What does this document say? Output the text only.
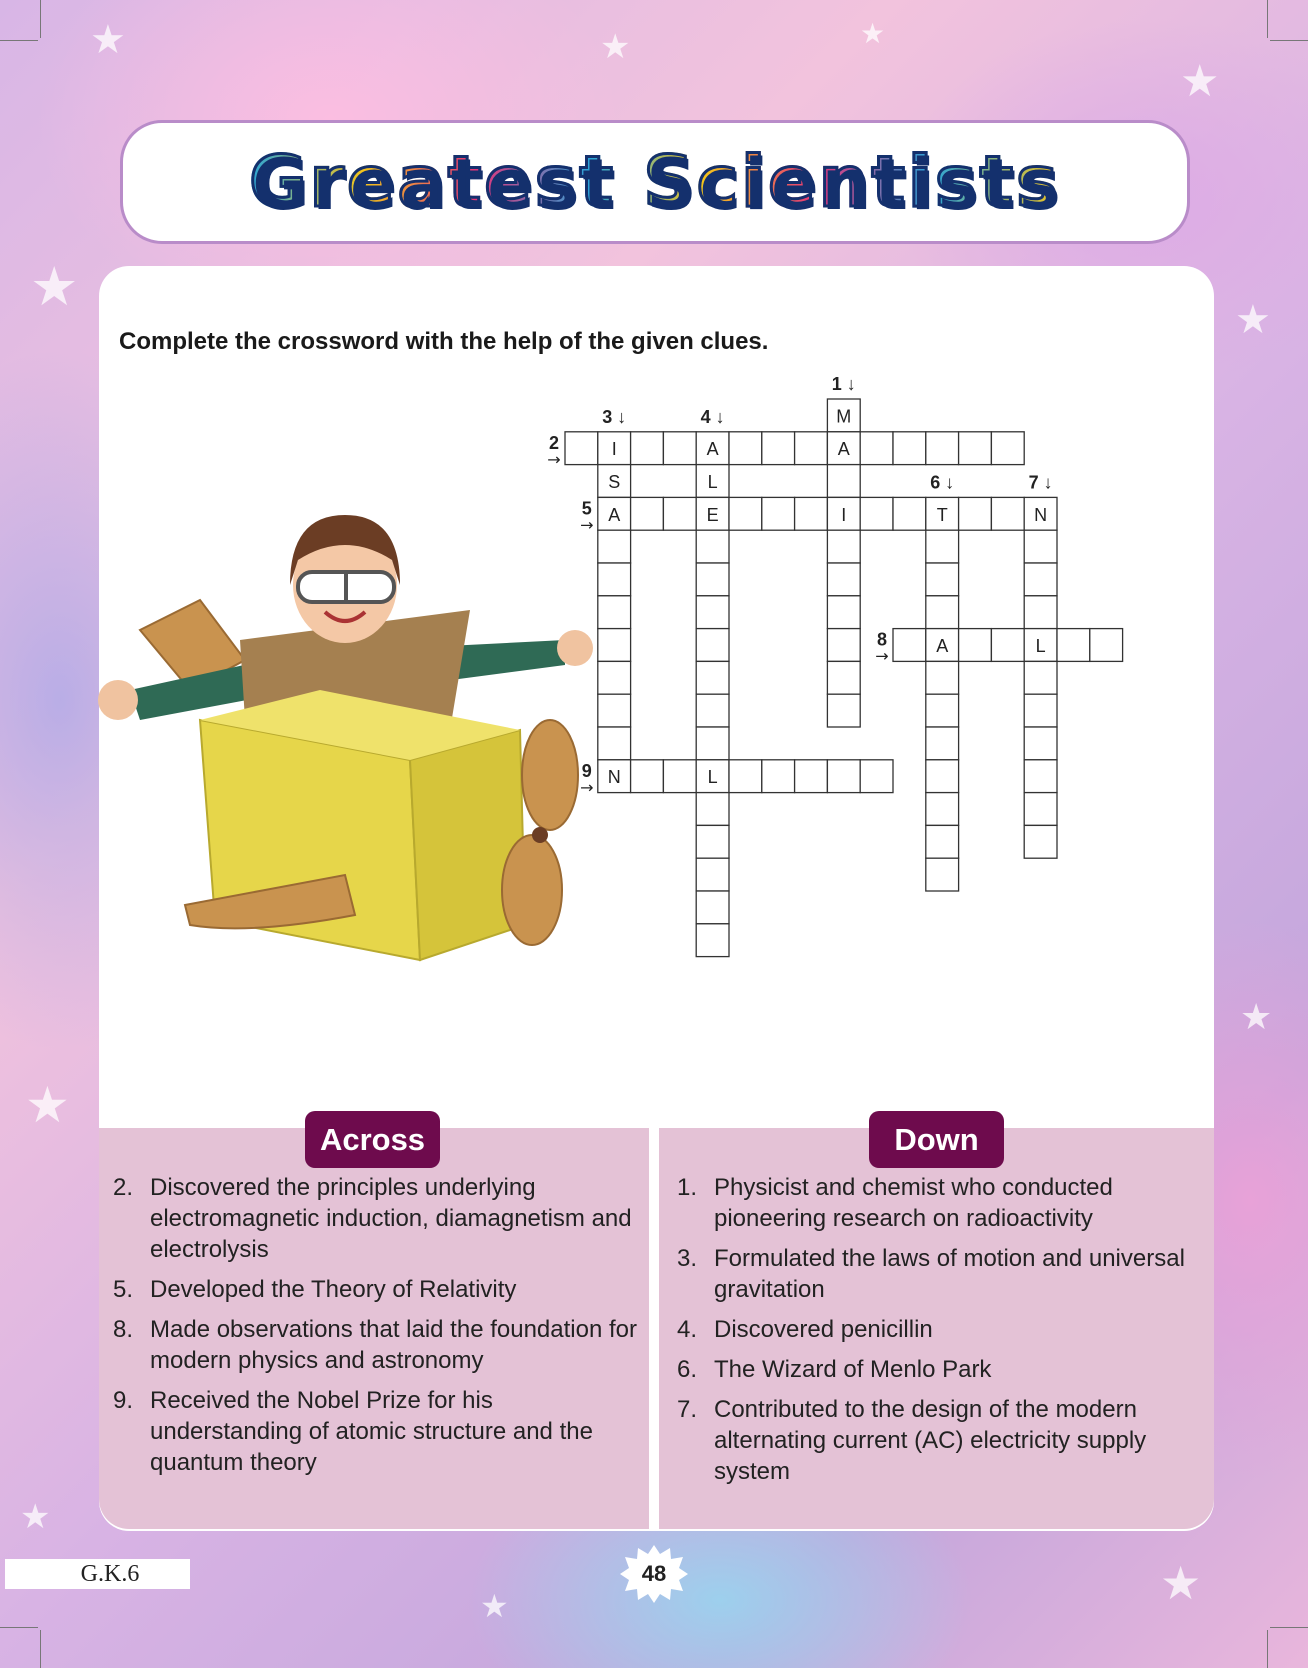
★	★	★
★
★
★
★
★
★
★
★
Greatest Scientists

Complete the crossword with the help of the given clues.

M
I	A	A
S	L
A	E	I	T	N
A	L
N	L
1 ↓
3 ↓	4 ↓
6 ↓	7 ↓
2
→
5
→
8
→
9
→
Across	Down
2. Discovered the principles underlying electromagnetic induction, diamagnetism and electrolysis
5. Developed the Theory of Relativity
8. Made observations that laid the foundation for modern physics and astronomy
9. Received the Nobel Prize for his understanding of atomic structure and the quantum theory
1. Physicist and chemist who conducted pioneering research on radioactivity
3. Formulated the laws of motion and universal gravitation
4. Discovered penicillin
6. The Wizard of Menlo Park
7. Contributed to the design of the modern alternating current (AC) electricity supply system
G.K.6	48
